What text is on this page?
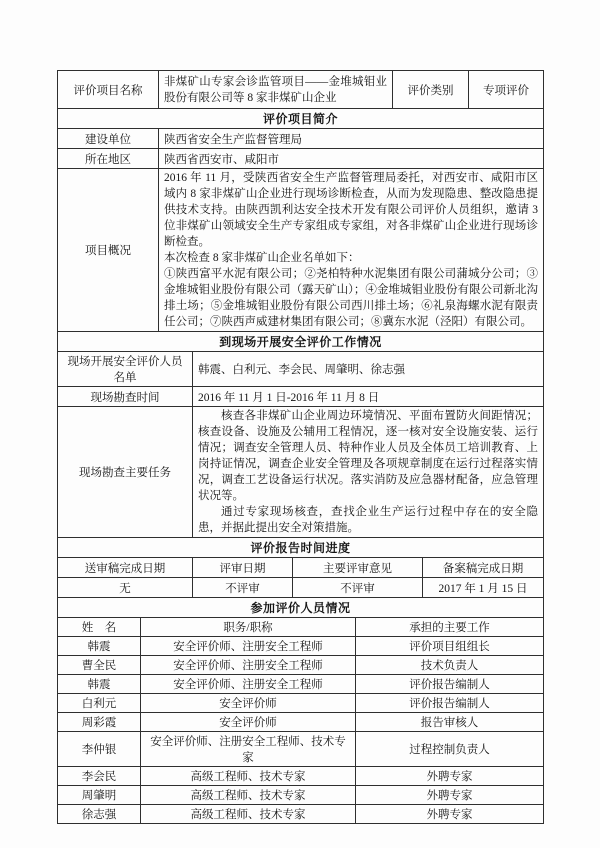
评价项目名称		非煤矿山专家会诊监管项目——金堆城钼业股份有限公司等 8 家非煤矿山企业				评价类别		专项评价
评价项目简介								
建设单位		陕西省安全生产监督管理局						
所在地区		陕西省西安市、咸阳市						
项目概况		2016 年 11 月，受陕西省安全生产监督管理局委托，对西安市、咸阳市区域内 8 家非煤矿山企业进行现场诊断检查，从而为发现隐患、整改隐患提供技术支持。由陕西凯利达安全技术开发有限公司评价人员组织，邀请 3 位非煤矿山领域安全生产专家组成专家组，对各非煤矿山企业进行现场诊断检查。

本次检查 8 家非煤矿山企业名单如下：

①陕西富平水泥有限公司；②尧柏特种水泥集团有限公司蒲城分公司；③金堆城钼业股份有限公司（露天矿山）；④金堆城钼业股份有限公司新北沟排土场；⑤金堆城钼业股份有限公司西川排土场；⑥礼泉海螺水泥有限责任公司；⑦陕西声威建材集团有限公司；⑧冀东水泥（泾阳）有限公司。						

到现场开展安全评价工作情况								
现场开展安全评价人员名单			韩震、白利元、李会民、周肇明、徐志强					
现场勘查时间			2016 年 11 月 1 日-2016 年 11 月 8 日					
现场勘查主要任务			核查各非煤矿山企业周边环境情况、平面布置防火间距情况；核查设备、设施及公辅用工程情况，逐一核对安全设施安装、运行情况；调查安全管理人员、特种作业人员及全体员工培训教育、上岗持证情况，调查企业安全管理及各项规章制度在运行过程落实情况，调查工艺设备运行状况。落实消防及应急器材配备，应急管理状况等。

通过专家现场核查，查找企业生产运行过程中存在的安全隐患，并据此提出安全对策措施。					

评价报告时间进度								
送审稿完成日期			评审日期	主要评审意见			备案稿完成日期	
无			不评审	不评审			2017 年 1 月 15 日	
参加评价人员情况								
姓　名	职务/职称				承担的主要工作			
韩震	安全评价师、注册安全工程师				评价项目组组长			
曹全民	安全评价师、注册安全工程师				技术负责人			
韩震	安全评价师、注册安全工程师				评价报告编制人			
白利元	安全评价师				评价报告编制人			
周彩霞	安全评价师				报告审核人			
李仲银	安全评价师、注册安全工程师、技术专家				过程控制负责人			
李会民	高级工程师、技术专家				外聘专家			
周肇明	高级工程师、技术专家				外聘专家			
徐志强	高级工程师、技术专家				外聘专家			
